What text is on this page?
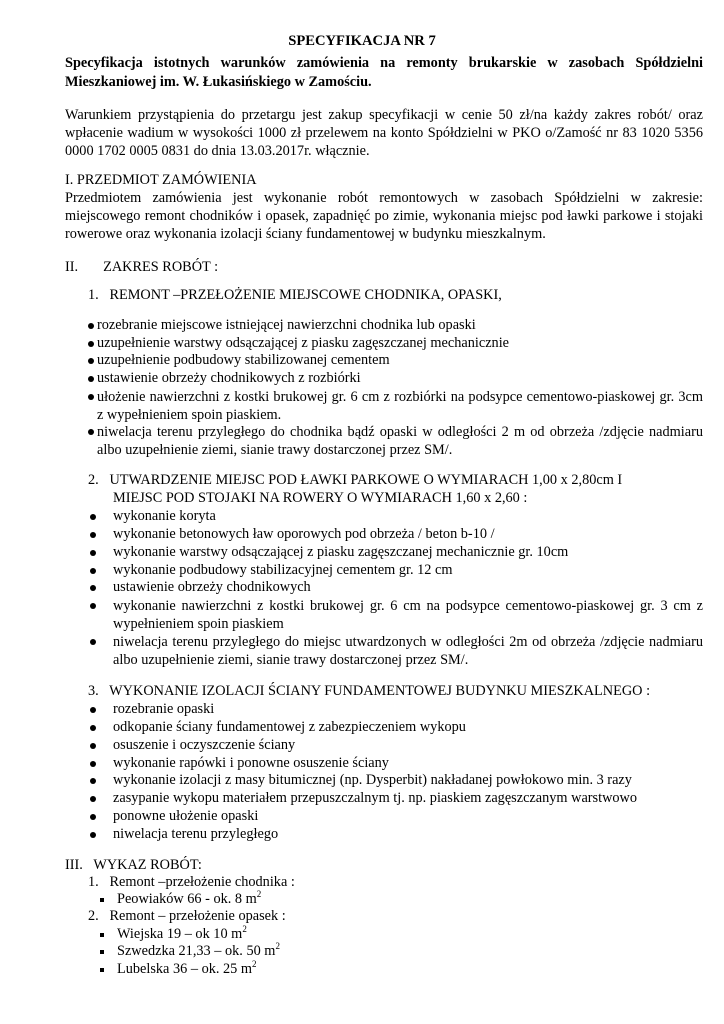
SPECYFIKACJA NR 7
Specyfikacja istotnych warunków zamówienia na remonty brukarskie w zasobach Spółdzielni Mieszkaniowej im. W. Łukasińskiego w Zamościu.
Warunkiem przystąpienia do przetargu jest zakup specyfikacji w cenie 50 zł/na każdy zakres robót/ oraz wpłacenie wadium w wysokości 1000 zł przelewem na konto Spółdzielni w PKO o/Zamość nr 83 1020 5356 0000 1702 0005 0831 do dnia 13.03.2017r. włącznie.
I. PRZEDMIOT ZAMÓWIENIA
Przedmiotem zamówienia jest wykonanie robót remontowych w zasobach Spółdzielni w zakresie: miejscowego remont chodników i opasek, zapadnięć po zimie, wykonania miejsc pod ławki parkowe i stojaki rowerowe oraz wykonania izolacji ściany fundamentowej w budynku mieszkalnym.
II.       ZAKRES ROBÓT :
1.   REMONT –PRZEŁOŻENIE MIEJSCOWE CHODNIKA, OPASKI,
rozebranie miejscowe istniejącej nawierzchni chodnika lub opaski
uzupełnienie warstwy odsączającej z piasku zagęszczanej mechanicznie
uzupełnienie podbudowy stabilizowanej cementem
ustawienie obrzeży chodnikowych z rozbiórki
ułożenie nawierzchni z kostki brukowej gr. 6 cm z rozbiórki na podsypce cementowo-piaskowej gr. 3cm z wypełnieniem spoin piaskiem.
niwelacja terenu przyległego do chodnika bądź opaski w odległości 2 m od obrzeża /zdjęcie nadmiaru albo uzupełnienie ziemi, sianie trawy dostarczonej przez SM/.
2.   UTWARDZENIE MIEJSC POD ŁAWKI PARKOWE O WYMIARACH 1,00 x 2,80cm I
MIEJSC POD STOJAKI NA ROWERY O WYMIARACH 1,60 x 2,60 :
wykonanie koryta
wykonanie betonowych ław oporowych pod obrzeża / beton b-10 /
wykonanie warstwy odsączającej z piasku zagęszczanej mechanicznie gr. 10cm
wykonanie podbudowy stabilizacyjnej cementem gr. 12 cm
ustawienie obrzeży chodnikowych
wykonanie nawierzchni z kostki brukowej gr. 6 cm na podsypce cementowo-piaskowej gr. 3 cm z wypełnieniem spoin piaskiem
niwelacja terenu przyległego do miejsc utwardzonych w odległości 2m od obrzeża /zdjęcie nadmiaru albo uzupełnienie ziemi, sianie trawy dostarczonej przez SM/.
3.   WYKONANIE IZOLACJI ŚCIANY FUNDAMENTOWEJ BUDYNKU MIESZKALNEGO :
rozebranie opaski
odkopanie ściany fundamentowej z zabezpieczeniem wykopu
osuszenie i oczyszczenie ściany
wykonanie rapówki i ponowne osuszenie ściany
wykonanie izolacji z masy bitumicznej (np. Dysperbit) nakładanej powłokowo min. 3 razy
zasypanie wykopu materiałem przepuszczalnym tj. np. piaskiem zagęszczanym warstwowo
ponowne ułożenie opaski
niwelacja terenu przyległego
III.   WYKAZ ROBÓT:
1.   Remont –przełożenie chodnika :
Peowiaków 66 - ok. 8 $m^2$
2.   Remont – przełożenie opasek :
Wiejska 19 – ok 10 $m^2$
Szwedzka 21,33 – ok. 50 $m^2$
Lubelska 36 – ok. 25 $m^2$
